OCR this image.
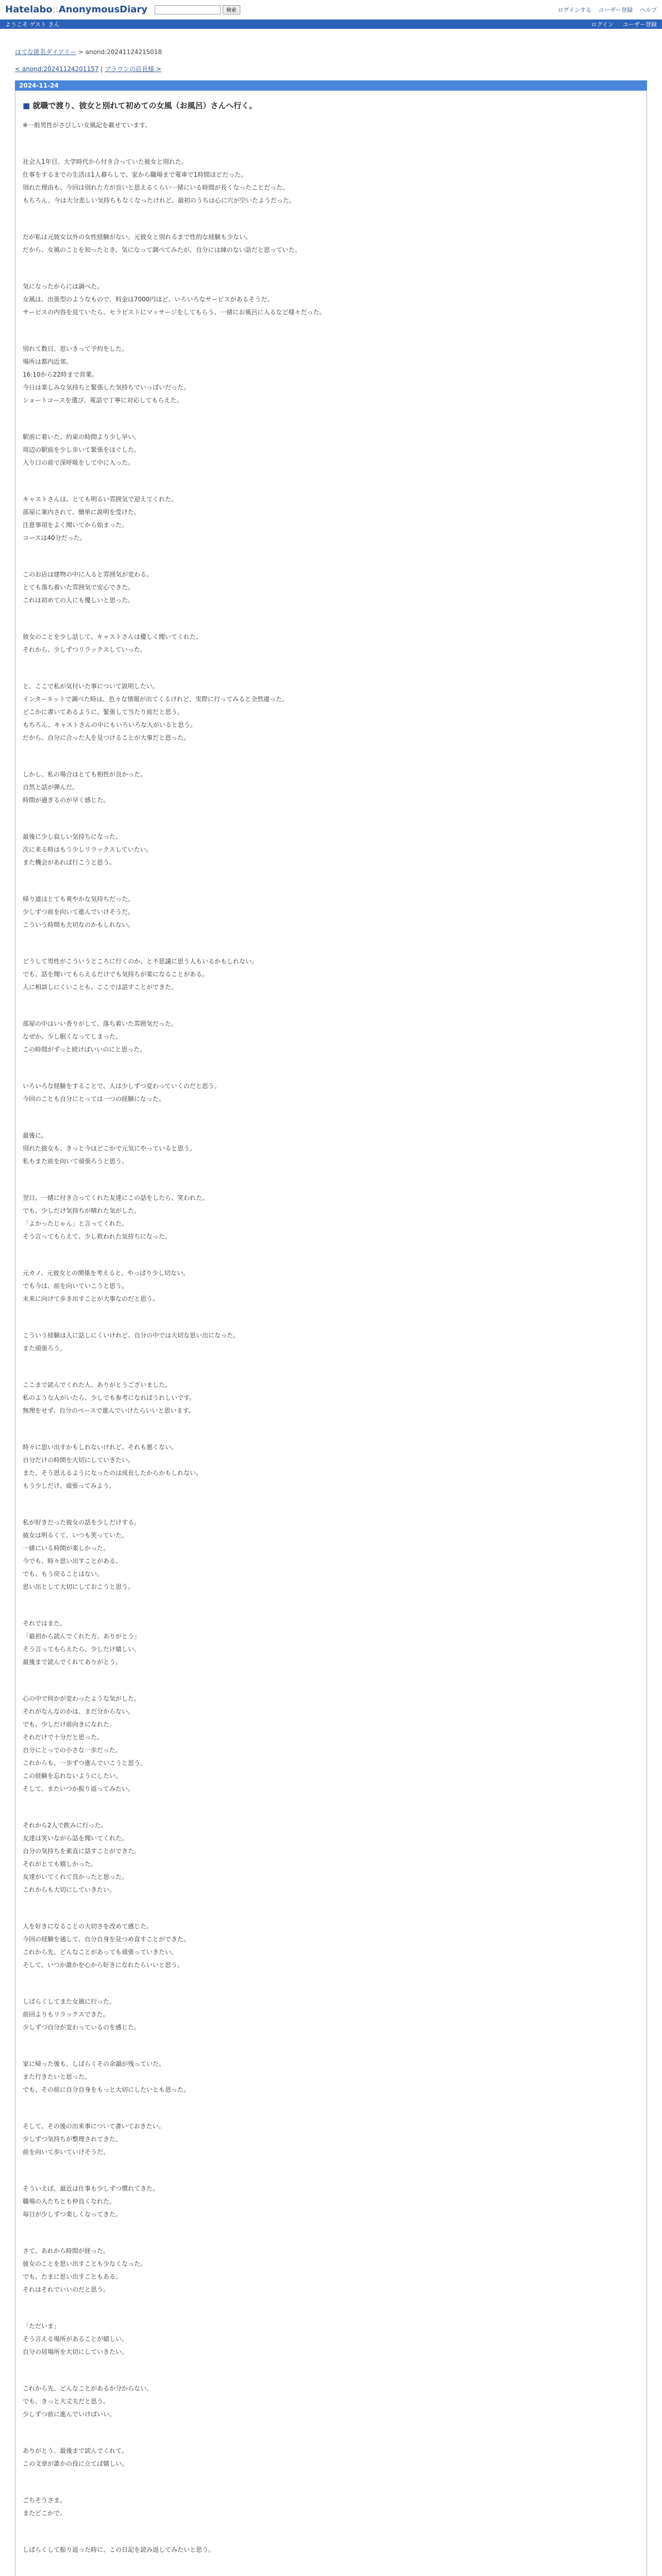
Hatelabo::AnonymousDiary	検索	ログインする ユーザー登録 ヘルプ
ようこそ ゲスト さん	ログイン ユーザー登録
はてな匿名ダイアリー > anond:20241124215018
< anond:20241124201157 | ブラウンの店長様 >
2024-11-24
■ 就職で渡り、彼女と別れて初めての女風（お風呂）さんへ行く。
※一般男性がさびしい女風記を載せています。
社会人1年目、大学時代から付き合っていた彼女と別れた。
仕事をするまでの生活は1人暮らしで、家から職場まで電車で1時間ほどだった。
別れた理由も、今回は別れた方が良いと思えるくらい一緒にいる時間が長くなったことだった。
もちろん、今は大分悲しい気持ちもなくなったけれど、最初のうちは心に穴が空いたようだった。
だが私は元彼女以外の女性経験がない。元彼女と別れるまで性的な経験も少ない。
だから、女風のことを知ったとき、気になって調べてみたが、自分には縁のない話だと思っていた。
気になったからには調べた。
女風は、出張型のようなもので、料金は7000円ほど、いろいろなサービスがあるそうだ。
サービスの内容を見ていたら、セラピストにマッサージをしてもらう、一緒にお風呂に入るなど様々だった。
別れて数日、思いきって予約をした。
場所は都内近郊。
16:10から22時まで営業。
今日は楽しみな気持ちと緊張した気持ちでいっぱいだった。
ショートコースを選び、電話で丁寧に対応してもらえた。
駅前に着いた。約束の時間より少し早い。
周辺の駅前を少し歩いて緊張をほぐした。
入り口の前で深呼吸をして中に入った。
キャストさんは、とても明るい雰囲気で迎えてくれた。
部屋に案内されて、簡単に説明を受けた。
注意事項をよく聞いてから始まった。
コースは40分だった。
このお店は建物の中に入ると雰囲気が変わる。
とても落ち着いた雰囲気で安心できた。
これは初めての人にも優しいと思った。
彼女のことを少し話して、キャストさんは優しく聞いてくれた。
それから、少しずつリラックスしていった。
と、ここで私が気付いた事について説明したい。
インターネットで調べた時は、色々な情報が出てくるけれど、実際に行ってみると全然違った。
どこかに書いてあるように、緊張して当たり前だと思う。
もちろん、キャストさんの中にもいろいろな人がいると思う。
だから、自分に合った人を見つけることが大事だと思った。
しかし、私の場合はとても相性が良かった。
自然と話が弾んだ。
時間が過ぎるのが早く感じた。
最後に少し寂しい気持ちになった。
次に来る時はもう少しリラックスしていたい。
また機会があれば行こうと思う。
帰り道はとても爽やかな気持ちだった。
少しずつ前を向いて進んでいけそうだ。
こういう時間も大切なのかもしれない。
どうして男性がこういうところに行くのか、と不思議に思う人もいるかもしれない。
でも、話を聞いてもらえるだけでも気持ちが楽になることがある。
人に相談しにくいことも、ここでは話すことができた。
部屋の中はいい香りがして、落ち着いた雰囲気だった。
なぜか、少し眠くなってしまった。
この時間がずっと続けばいいのにと思った。
いろいろな経験をすることで、人は少しずつ変わっていくのだと思う。
今回のことも自分にとっては一つの経験になった。
最後に。
別れた彼女も、きっと今はどこかで元気にやっていると思う。
私もまた前を向いて頑張ろうと思う。
翌日、一緒に付き合ってくれた友達にこの話をしたら、笑われた。
でも、少しだけ気持ちが晴れた気がした。
「よかったじゃん」と言ってくれた。
そう言ってもらえて、少し救われた気持ちになった。
元カノ、元彼女との関係を考えると、やっぱり少し切ない。
でも今は、前を向いていこうと思う。
未来に向けて歩き出すことが大事なのだと思う。
こういう経験は人に話しにくいけれど、自分の中では大切な思い出になった。
また頑張ろう。
ここまで読んでくれた人、ありがとうございました。
私のような人がいたら、少しでも参考になればうれしいです。
無理をせず、自分のペースで進んでいけたらいいと思います。
時々に思い出すかもしれないけれど、それも悪くない。
自分だけの時間を大切にしていきたい。
また、そう思えるようになったのは成長したからかもしれない。
もう少しだけ、頑張ってみよう。
私が好きだった彼女の話を少しだけする。
彼女は明るくて、いつも笑っていた。
一緒にいる時間が楽しかった。
今でも、時々思い出すことがある。
でも、もう戻ることはない。
思い出として大切にしておこうと思う。
それではまた。
「最初から読んでくれた方、ありがとう」
そう言ってもらえたら、少しだけ嬉しい。
最後まで読んでくれてありがとう。
心の中で何かが変わったような気がした。
それがなんなのかは、まだ分からない。
でも、少しだけ前向きになれた。
それだけで十分だと思った。
自分にとっての小さな一歩だった。
これからも、一歩ずつ進んでいこうと思う。
この経験を忘れないようにしたい。
そして、またいつか振り返ってみたい。
それから2人で飲みに行った。
友達は笑いながら話を聞いてくれた。
自分の気持ちを素直に話すことができた。
それがとても嬉しかった。
友達がいてくれて良かったと思った。
これからも大切にしていきたい。
人を好きになることの大切さを改めて感じた。
今回の経験を通して、自分自身を見つめ直すことができた。
これから先、どんなことがあっても頑張っていきたい。
そして、いつか誰かを心から好きになれたらいいと思う。
しばらくしてまた女風に行った。
前回よりもリラックスできた。
少しずつ自分が変わっているのを感じた。
家に帰った後も、しばらくその余韻が残っていた。
また行きたいと思った。
でも、その前に自分自身をもっと大切にしたいとも思った。
そして、その後の出来事について書いておきたい。
少しずつ気持ちが整理されてきた。
前を向いて歩いていけそうだ。
そういえば、最近は仕事も少しずつ慣れてきた。
職場の人たちとも仲良くなれた。
毎日が少しずつ楽しくなってきた。
さて、あれから時間が経った。
彼女のことを思い出すことも少なくなった。
でも、たまに思い出すこともある。
それはそれでいいのだと思う。
「ただいま」
そう言える場所があることが嬉しい。
自分の居場所を大切にしていきたい。
これから先、どんなことがあるか分からない。
でも、きっと大丈夫だと思う。
少しずつ前に進んでいけばいい。
ありがとう。最後まで読んでくれて。
この文章が誰かの役に立てば嬉しい。
ごちそうさま。
またどこかで。
しばらくして振り返った時に、この日記を読み返してみたいと思う。
